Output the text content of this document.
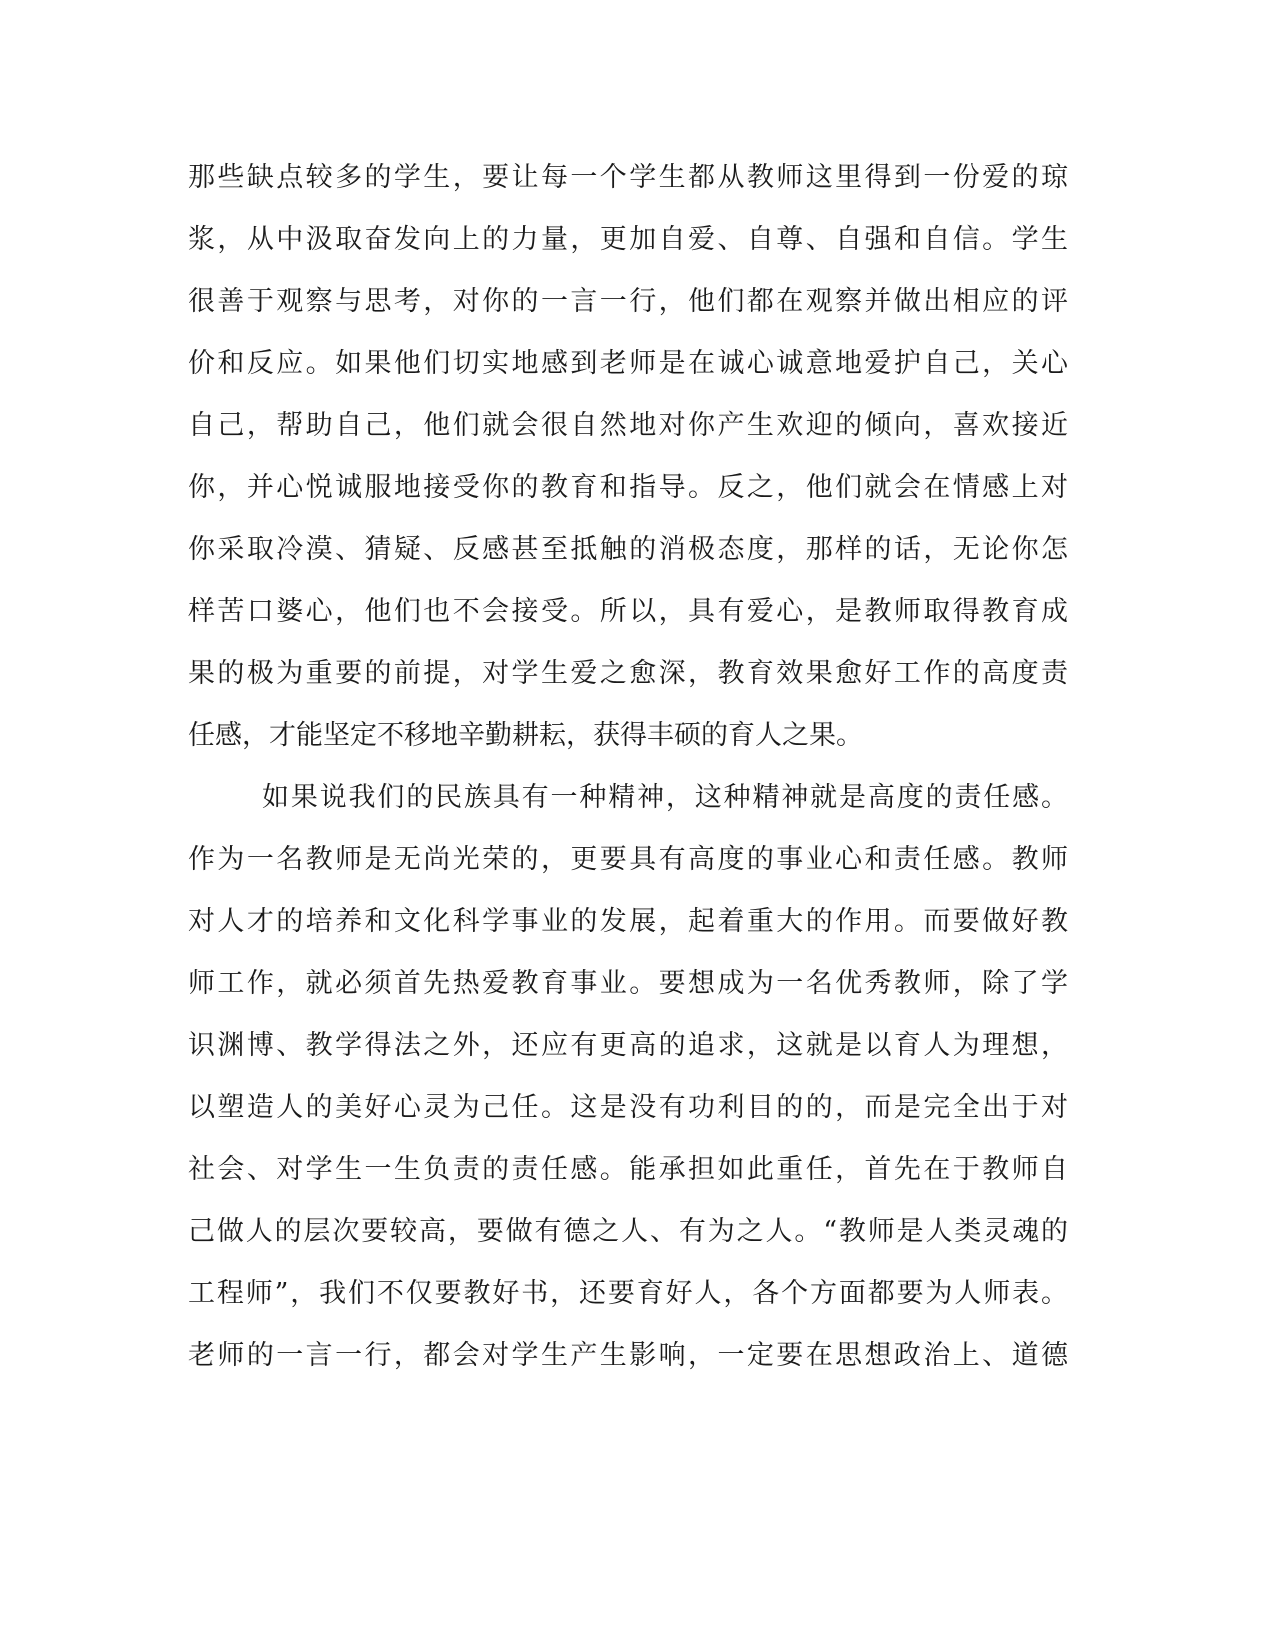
那些缺点较多的学生，要让每一个学生都从教师这里得到一份爱的琼
浆，从中汲取奋发向上的力量，更加自爱、自尊、自强和自信。学生
很善于观察与思考，对你的一言一行，他们都在观察并做出相应的评
价和反应。如果他们切实地感到老师是在诚心诚意地爱护自己，关心
自己，帮助自己，他们就会很自然地对你产生欢迎的倾向，喜欢接近
你，并心悦诚服地接受你的教育和指导。反之，他们就会在情感上对
你采取冷漠、猜疑、反感甚至抵触的消极态度，那样的话，无论你怎
样苦口婆心，他们也不会接受。所以，具有爱心，是教师取得教育成
果的极为重要的前提，对学生爱之愈深，教育效果愈好工作的高度责
任感，才能坚定不移地辛勤耕耘，获得丰硕的育人之果。
如果说我们的民族具有一种精神，这种精神就是高度的责任感。
作为一名教师是无尚光荣的，更要具有高度的事业心和责任感。教师
对人才的培养和文化科学事业的发展，起着重大的作用。而要做好教
师工作，就必须首先热爱教育事业。要想成为一名优秀教师，除了学
识渊博、教学得法之外，还应有更高的追求，这就是以育人为理想，
以塑造人的美好心灵为己任。这是没有功利目的的，而是完全出于对
社会、对学生一生负责的责任感。能承担如此重任，首先在于教师自
己做人的层次要较高，要做有德之人、有为之人。“教师是人类灵魂的
工程师”，我们不仅要教好书，还要育好人，各个方面都要为人师表。
老师的一言一行，都会对学生产生影响，一定要在思想政治上、道德
